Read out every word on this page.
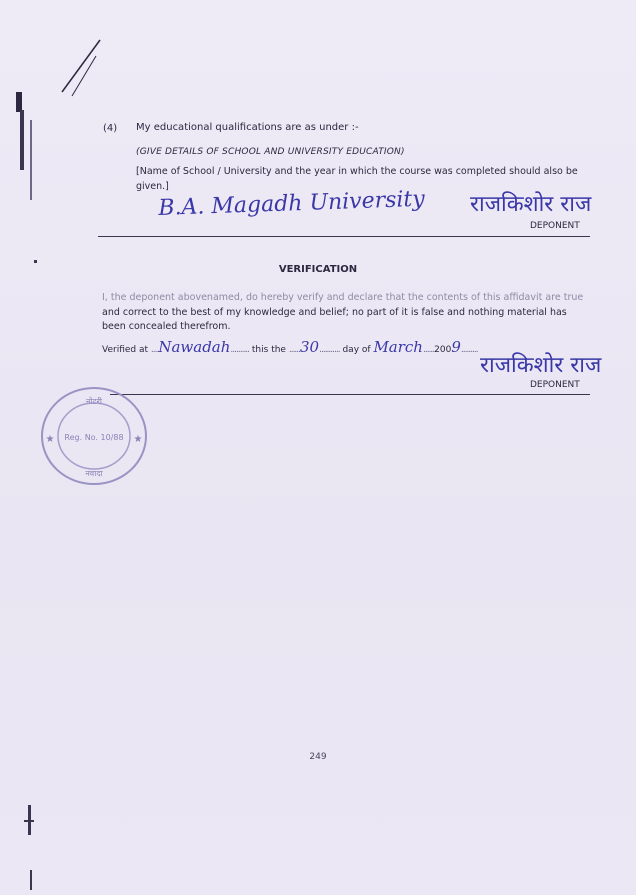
(4) My educational qualifications are as under :-
(GIVE DETAILS OF SCHOOL AND UNIVERSITY EDUCATION)
[Name of School / University and the year in which the course was completed should also be given.]
B.A. Magadh University राजकिशोर राज
DEPONENT
VERIFICATION
I, the deponent abovenamed, do hereby verify and declare that the contents of this affidavit are true and correct to the best of my knowledge and belief; no part of it is false and nothing material has been concealed therefrom.
Verified at ....Nawadah.......... this the ......30........... day of March......2009.........
राजकिशोर राज
DEPONENT
नोटरी
Reg. No. 10/88
नवादा
★
★
249
